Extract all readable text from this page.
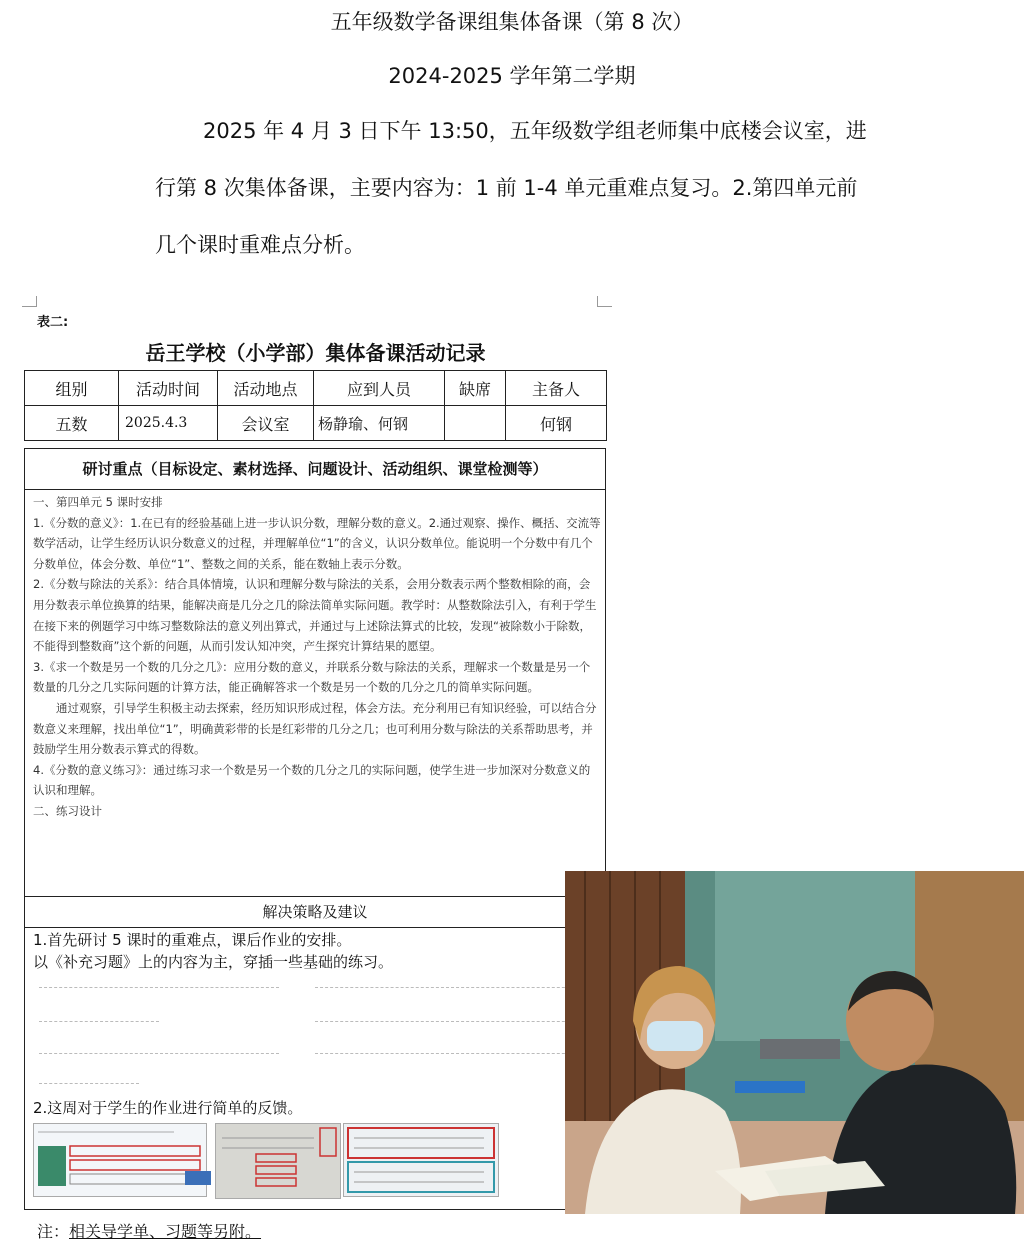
五年级数学备课组集体备课（第 8 次）
2024-2025 学年第二学期
2025 年 4 月 3 日下午 13:50，五年级数学组老师集中底楼会议室，进行第 8 次集体备课，主要内容为：1 前 1-4 单元重难点复习。2.第四单元前几个课时重难点分析。
表二:
岳王学校（小学部）集体备课活动记录
组别	活动时间	活动地点	应到人员	缺席	主备人
五数	2025.4.3	会议室	杨静瑜、何钢		何钢
研讨重点（目标设定、素材选择、问题设计、活动组织、课堂检测等）

一、第四单元 5 课时安排

1.《分数的意义》：1.在已有的经验基础上进一步认识分数，理解分数的意义。2.通过观察、操作、概括、交流等数学活动，让学生经历认识分数意义的过程，并理解单位“1”的含义，认识分数单位。能说明一个分数中有几个分数单位，体会分数、单位“1”、整数之间的关系，能在数轴上表示分数。

2.《分数与除法的关系》：结合具体情境，认识和理解分数与除法的关系，会用分数表示两个整数相除的商，会用分数表示单位换算的结果，能解决商是几分之几的除法简单实际问题。教学时：从整数除法引入，有利于学生在接下来的例题学习中练习整数除法的意义列出算式，并通过与上述除法算式的比较，发现“被除数小于除数，不能得到整数商”这个新的问题，从而引发认知冲突，产生探究计算结果的愿望。

3.《求一个数是另一个数的几分之几》：应用分数的意义，并联系分数与除法的关系，理解求一个数量是另一个数量的几分之几实际问题的计算方法，能正确解答求一个数是另一个数的几分之几的简单实际问题。

通过观察，引导学生积极主动去探索，经历知识形成过程，体会方法。充分利用已有知识经验，可以结合分数意义来理解，找出单位“1”，明确黄彩带的长是红彩带的几分之几；也可利用分数与除法的关系帮助思考，并鼓励学生用分数表示算式的得数。

4.《分数的意义练习》：通过练习求一个数是另一个数的几分之几的实际问题，使学生进一步加深对分数意义的认识和理解。

二、练习设计

解决策略及建议
1.首先研讨 5 课时的重难点，课后作业的安排。
以《补充习题》上的内容为主，穿插一些基础的练习。
2.这周对于学生的作业进行简单的反馈。
注：相关导学单、习题等另附。
